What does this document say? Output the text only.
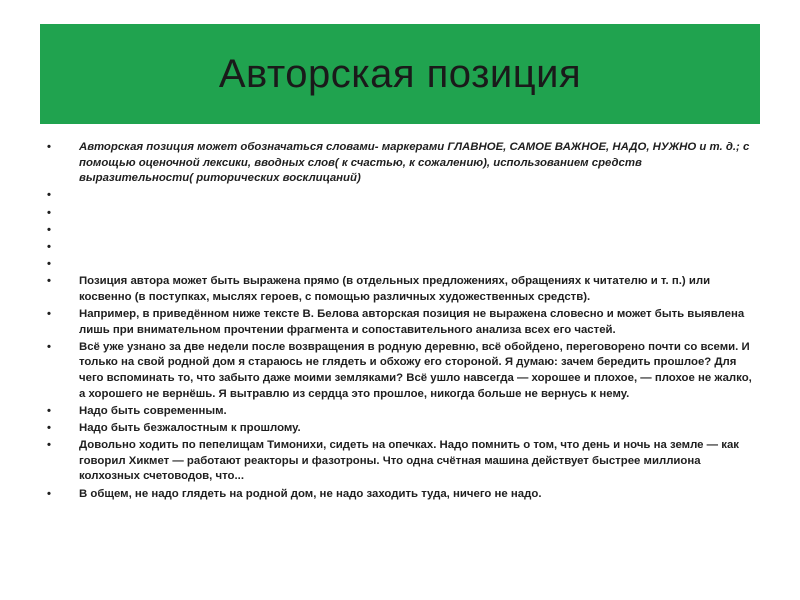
Авторская позиция
• Авторская позиция может обозначаться словами- маркерами ГЛАВНОЕ, САМОЕ ВАЖНОЕ, НАДО, НУЖНО и т. д.; с помощью оценочной лексики, вводных слов( к счастью, к сожалению), использованием средств выразительности( риторических восклицаний)
•
•
•
•
•
• Позиция автора может быть выражена прямо (в отдельных предложениях, обращениях к читателю и т. п.) или косвенно (в поступках, мыслях героев, с помощью различных художественных средств).
• Например, в приведённом ниже тексте В. Белова авторская позиция не выражена словесно и может быть выявлена лишь при внимательном прочтении фрагмента и сопоставительного анализа всех его частей.
• Всё уже узнано за две недели после возвращения в родную деревню, всё обойдено, переговорено почти со всеми. И только на свой родной дом я стараюсь не глядеть и обхожу его стороной. Я думаю: зачем бередить прошлое? Для чего вспоминать то, что забыто даже моими земляками? Всё ушло навсегда — хорошее и плохое, — плохое не жалко, а хорошего не вернёшь. Я вытравлю из сердца это прошлое, никогда больше не вернусь к нему.
• Надо быть современным.
• Надо быть безжалостным к прошлому.
• Довольно ходить по пепелищам Тимонихи, сидеть на опечках. Надо помнить о том, что день и ночь на земле — как говорил Хикмет — работают реакторы и фазотроны. Что одна счётная машина действует быстрее миллиона колхозных счетоводов, что...
• В общем, не надо глядеть на родной дом, не надо заходить туда, ничего не надо.
